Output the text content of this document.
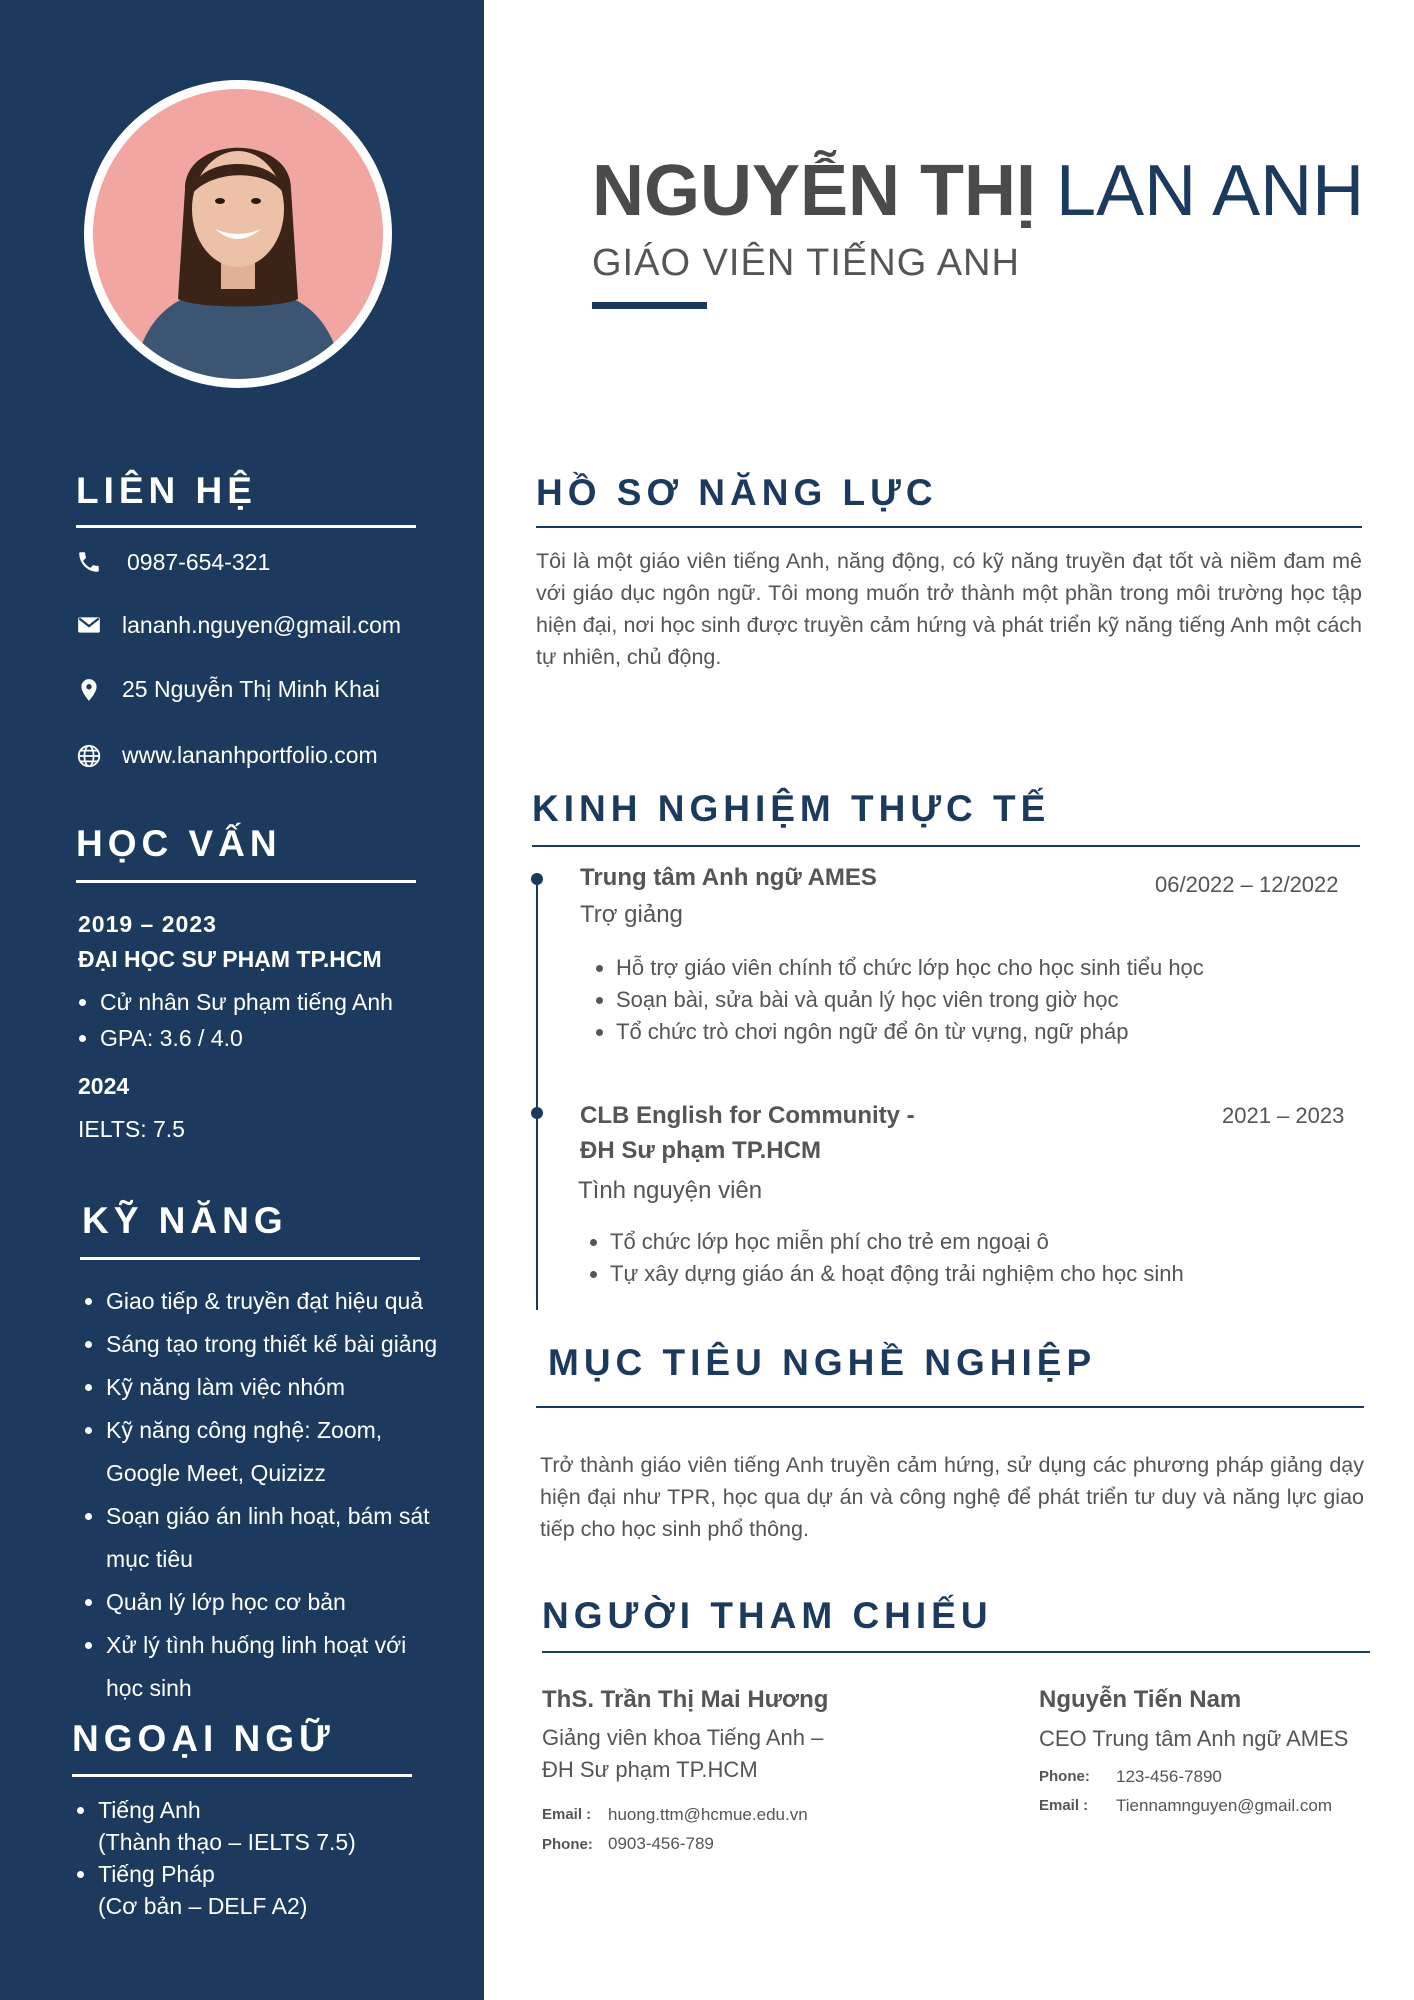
LIÊN HỆ
0987-654-321
lananh.nguyen@gmail.com
25 Nguyễn Thị Minh Khai
www.lananhportfolio.com
HỌC VẤN
2019 – 2023
ĐẠI HỌC SƯ PHẠM TP.HCM
• Cử nhân Sư phạm tiếng Anh
• GPA: 3.6 / 4.0
2024
IELTS: 7.5
KỸ NĂNG
• Giao tiếp & truyền đạt hiệu quả
• Sáng tạo trong thiết kế bài giảng
• Kỹ năng làm việc nhóm
• Kỹ năng công nghệ: Zoom,
Google Meet, Quizizz
• Soạn giáo án linh hoạt, bám sát
mục tiêu
• Quản lý lớp học cơ bản
• Xử lý tình huống linh hoạt với
học sinh
NGOẠI NGỮ
• Tiếng Anh
(Thành thạo – IELTS 7.5)
• Tiếng Pháp
(Cơ bản – DELF A2)
NGUYỄN THỊ LAN ANH
GIÁO VIÊN TIẾNG ANH
HỒ SƠ NĂNG LỰC
Tôi là một giáo viên tiếng Anh, năng động, có kỹ năng truyền đạt tốt và niềm đam mê với giáo dục ngôn ngữ. Tôi mong muốn trở thành một phần trong môi trường học tập hiện đại, nơi học sinh được truyền cảm hứng và phát triển kỹ năng tiếng Anh một cách tự nhiên, chủ động.
KINH NGHIỆM THỰC TẾ
Trung tâm Anh ngữ AMES	06/2022 – 12/2022
Trợ giảng
• Hỗ trợ giáo viên chính tổ chức lớp học cho học sinh tiểu học
• Soạn bài, sửa bài và quản lý học viên trong giờ học
• Tổ chức trò chơi ngôn ngữ để ôn từ vựng, ngữ pháp
CLB English for Community -
ĐH Sư phạm TP.HCM
2021 – 2023
Tình nguyện viên
• Tổ chức lớp học miễn phí cho trẻ em ngoại ô
• Tự xây dựng giáo án & hoạt động trải nghiệm cho học sinh
MỤC TIÊU NGHỀ NGHIỆP
Trở thành giáo viên tiếng Anh truyền cảm hứng, sử dụng các phương pháp giảng dạy hiện đại như TPR, học qua dự án và công nghệ để phát triển tư duy và năng lực giao tiếp cho học sinh phổ thông.
NGƯỜI THAM CHIẾU
ThS. Trần Thị Mai Hương
Giảng viên khoa Tiếng Anh –
ĐH Sư phạm TP.HCM
Email : huong.ttm@hcmue.edu.vn
Phone: 0903-456-789
Nguyễn Tiến Nam
CEO Trung tâm Anh ngữ AMES
Phone: 123-456-7890
Email : Tiennamnguyen@gmail.com
